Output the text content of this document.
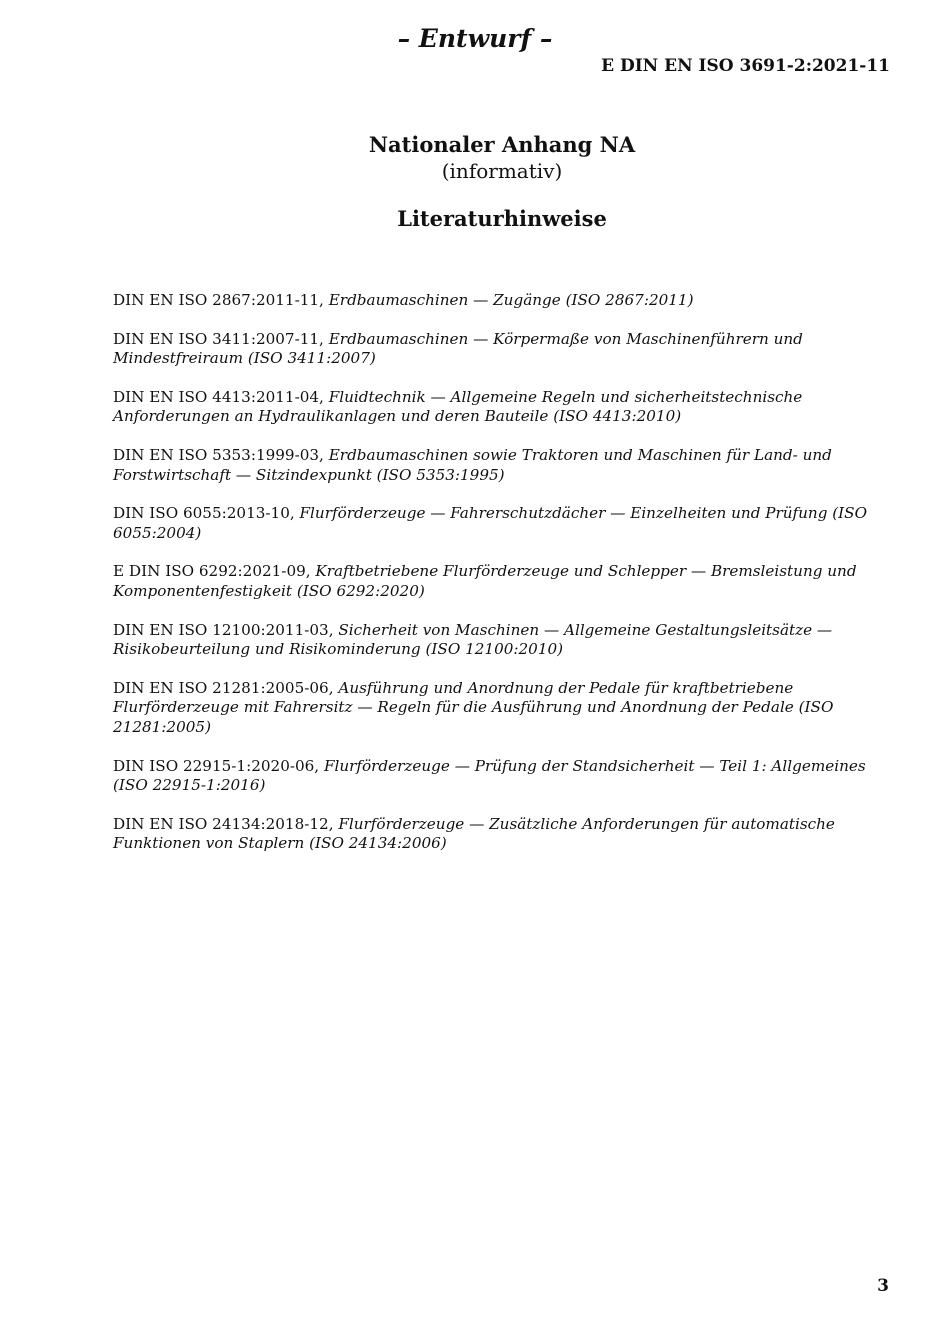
– Entwurf –
E DIN EN ISO 3691-2:2021-11
Nationaler Anhang NA
(informativ)
Literaturhinweise
DIN EN ISO 2867:2011-11, Erdbaumaschinen — Zugänge (ISO 2867:2011)
DIN EN ISO 3411:2007-11, Erdbaumaschinen — Körpermaße von Maschinenführern und Mindestfreiraum (ISO 3411:2007)
DIN EN ISO 4413:2011-04, Fluidtechnik — Allgemeine Regeln und sicherheitstechnische Anforderungen an Hydraulikanlagen und deren Bauteile (ISO 4413:2010)
DIN EN ISO 5353:1999-03, Erdbaumaschinen sowie Traktoren und Maschinen für Land- und Forstwirtschaft — Sitzindexpunkt (ISO 5353:1995)
DIN ISO 6055:2013-10, Flurförderzeuge — Fahrerschutzdächer — Einzelheiten und Prüfung (ISO 6055:2004)
E DIN ISO 6292:2021-09, Kraftbetriebene Flurförderzeuge und Schlepper — Bremsleistung und Komponentenfestigkeit (ISO 6292:2020)
DIN EN ISO 12100:2011-03, Sicherheit von Maschinen — Allgemeine Gestaltungsleitsätze — Risikobeurteilung und Risikominderung (ISO 12100:2010)
DIN EN ISO 21281:2005-06, Ausführung und Anordnung der Pedale für kraftbetriebene Flurförderzeuge mit Fahrersitz — Regeln für die Ausführung und Anordnung der Pedale (ISO 21281:2005)
DIN ISO 22915-1:2020-06, Flurförderzeuge — Prüfung der Standsicherheit — Teil 1: Allgemeines (ISO 22915-1:2016)
DIN EN ISO 24134:2018-12, Flurförderzeuge — Zusätzliche Anforderungen für automatische Funktionen von Staplern (ISO 24134:2006)
3
